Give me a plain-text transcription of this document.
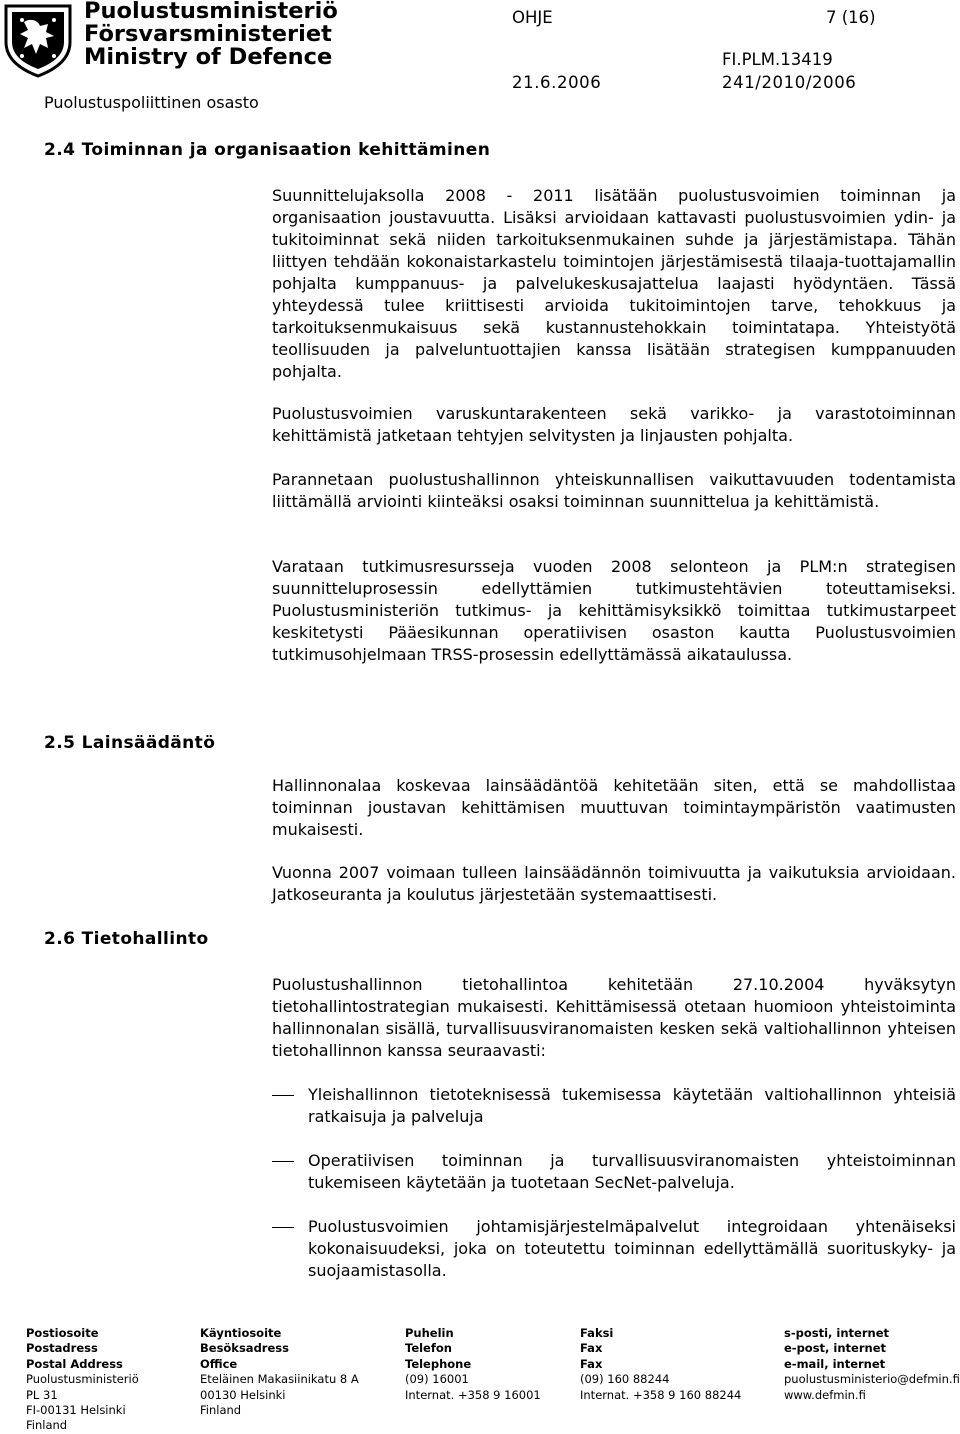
Puolustusministeriö
Försvarsministeriet
Ministry of Defence
Puolustuspoliittinen osasto
OHJE	7 (16)
FI.PLM.13419
21.6.2006	241/2010/2006
2.4 Toiminnan ja organisaation kehittäminen

Suunnittelujaksolla 2008 - 2011 lisätään puolustusvoimien toiminnan ja organisaation joustavuutta. Lisäksi arvioidaan kattavasti puolustusvoimien ydin- ja tukitoiminnat sekä niiden tarkoituksenmukainen suhde ja järjestämistapa. Tähän liittyen tehdään kokonaistarkastelu toimintojen järjestämisestä tilaaja-tuottajamallin pohjalta kumppanuus- ja palvelukeskusajattelua laajasti hyödyntäen. Tässä yhteydessä tulee kriittisesti arvioida tukitoimintojen tarve, tehokkuus ja tarkoituksenmukaisuus sekä kustannustehokkain toimintatapa. Yhteistyötä teollisuuden ja palveluntuottajien kanssa lisätään strategisen kumppanuuden pohjalta.

Puolustusvoimien varuskuntarakenteen sekä varikko- ja varastotoiminnan kehittämistä jatketaan tehtyjen selvitysten ja linjausten pohjalta.

Parannetaan puolustushallinnon yhteiskunnallisen vaikuttavuuden todentamista liittämällä arviointi kiinteäksi osaksi toiminnan suunnittelua ja kehittämistä.

Varataan tutkimusresursseja vuoden 2008 selonteon ja PLM:n strategisen suunnitteluprosessin edellyttämien tutkimustehtävien toteuttamiseksi. Puolustusministeriön tutkimus- ja kehittämisyksikkö toimittaa tutkimustarpeet keskitetysti Pääesikunnan operatiivisen osaston kautta Puolustusvoimien tutkimusohjelmaan TRSS-prosessin edellyttämässä aikataulussa.

2.5 Lainsäädäntö

Hallinnonalaa koskevaa lainsäädäntöä kehitetään siten, että se mahdollistaa toiminnan joustavan kehittämisen muuttuvan toimintaympäristön vaatimusten mukaisesti.

Vuonna 2007 voimaan tulleen lainsäädännön toimivuutta ja vaikutuksia arvioidaan. Jatkoseuranta ja koulutus järjestetään systemaattisesti.

2.6 Tietohallinto

Puolustushallinnon tietohallintoa kehitetään 27.10.2004 hyväksytyn tietohallintostrategian mukaisesti. Kehittämisessä otetaan huomioon yhteistoiminta hallinnonalan sisällä, turvallisuusviranomaisten kesken sekä valtiohallinnon yhteisen tietohallinnon kanssa seuraavasti:

Yleishallinnon tietoteknisessä tukemisessa käytetään valtiohallinnon yhteisiä ratkaisuja ja palveluja
Operatiivisen toiminnan ja turvallisuusviranomaisten yhteistoiminnan tukemiseen käytetään ja tuotetaan SecNet-palveluja.
Puolustusvoimien johtamisjärjestelmäpalvelut integroidaan yhtenäiseksi kokonaisuudeksi, joka on toteutettu toiminnan edellyttämällä suorituskyky- ja suojaamistasolla.
Postiosoite
Postadress
Postal Address
Puolustusministeriö
PL 31
FI-00131 Helsinki
Finland
Käyntiosoite
Besöksadress
Office
Eteläinen Makasiinikatu 8 A
00130 Helsinki
Finland
Puhelin
Telefon
Telephone
(09) 16001
Internat. +358 9 16001
Faksi
Fax
Fax
(09) 160 88244
Internat. +358 9 160 88244
s-posti, internet
e-post, internet
e-mail, internet
puolustusministerio@defmin.fi
www.defmin.fi
